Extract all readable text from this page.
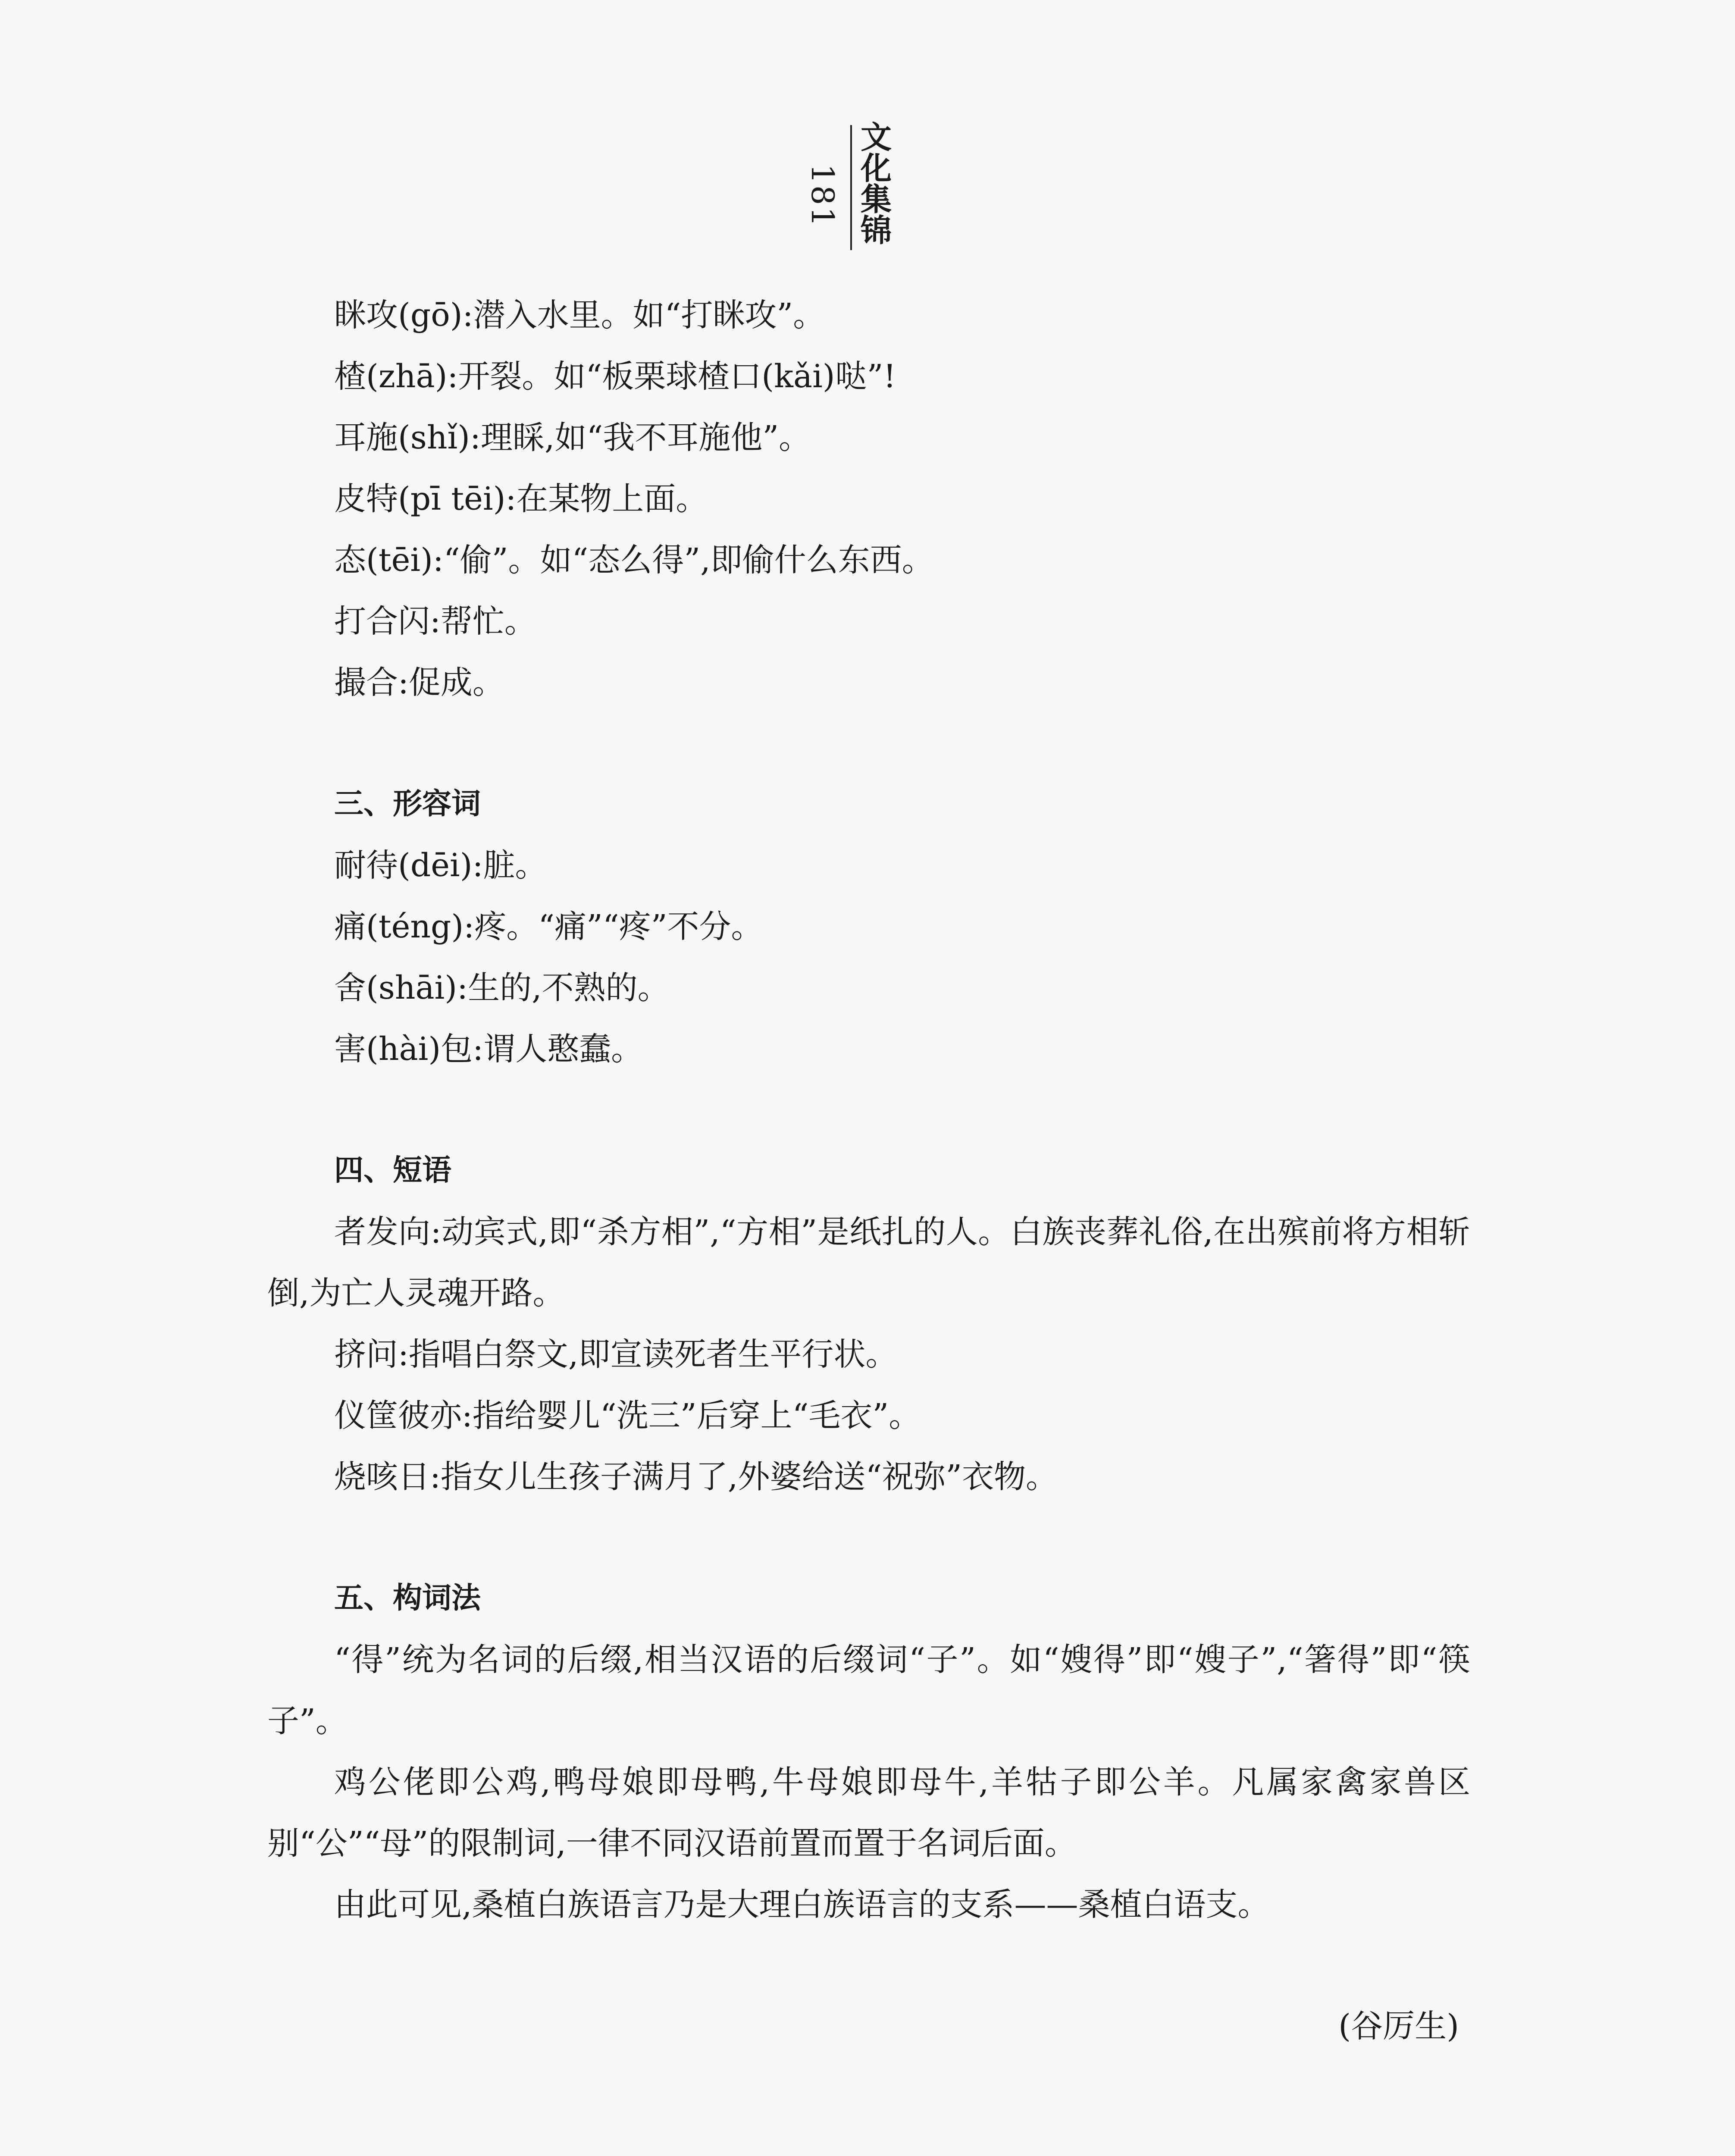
181 文化集锦
眯攻(gō):潜入水里。如“打眯攻”。
楂(zhā):开裂。如“板栗球楂口(kǎi)哒”!
耳施(shǐ):理睬,如“我不耳施他”。
皮特(pī tēi):在某物上面。
态(tēi):“偷”。如“态么得”,即偷什么东西。
打合闪:帮忙。
撮合:促成。
三、形容词
耐待(dēi):脏。
痛(téng):疼。“痛”“疼”不分。
舍(shāi):生的,不熟的。
害(hài)包:谓人憨蠢。
四、短语
者发向:动宾式,即“杀方相”,“方相”是纸扎的人。白族丧葬礼俗,在出殡前将方相斩倒,为亡人灵魂开路。
挤问:指唱白祭文,即宣读死者生平行状。
仪筐彼亦:指给婴儿“洗三”后穿上“毛衣”。
烧咳日:指女儿生孩子满月了,外婆给送“祝弥”衣物。
五、构词法
“得”统为名词的后缀,相当汉语的后缀词“子”。如“嫂得”即“嫂子”,“箸得”即“筷子”。
鸡公佬即公鸡,鸭母娘即母鸭,牛母娘即母牛,羊牯子即公羊。凡属家禽家兽区别“公”“母”的限制词,一律不同汉语前置而置于名词后面。
由此可见,桑植白族语言乃是大理白族语言的支系——桑植白语支。
(谷厉生)
